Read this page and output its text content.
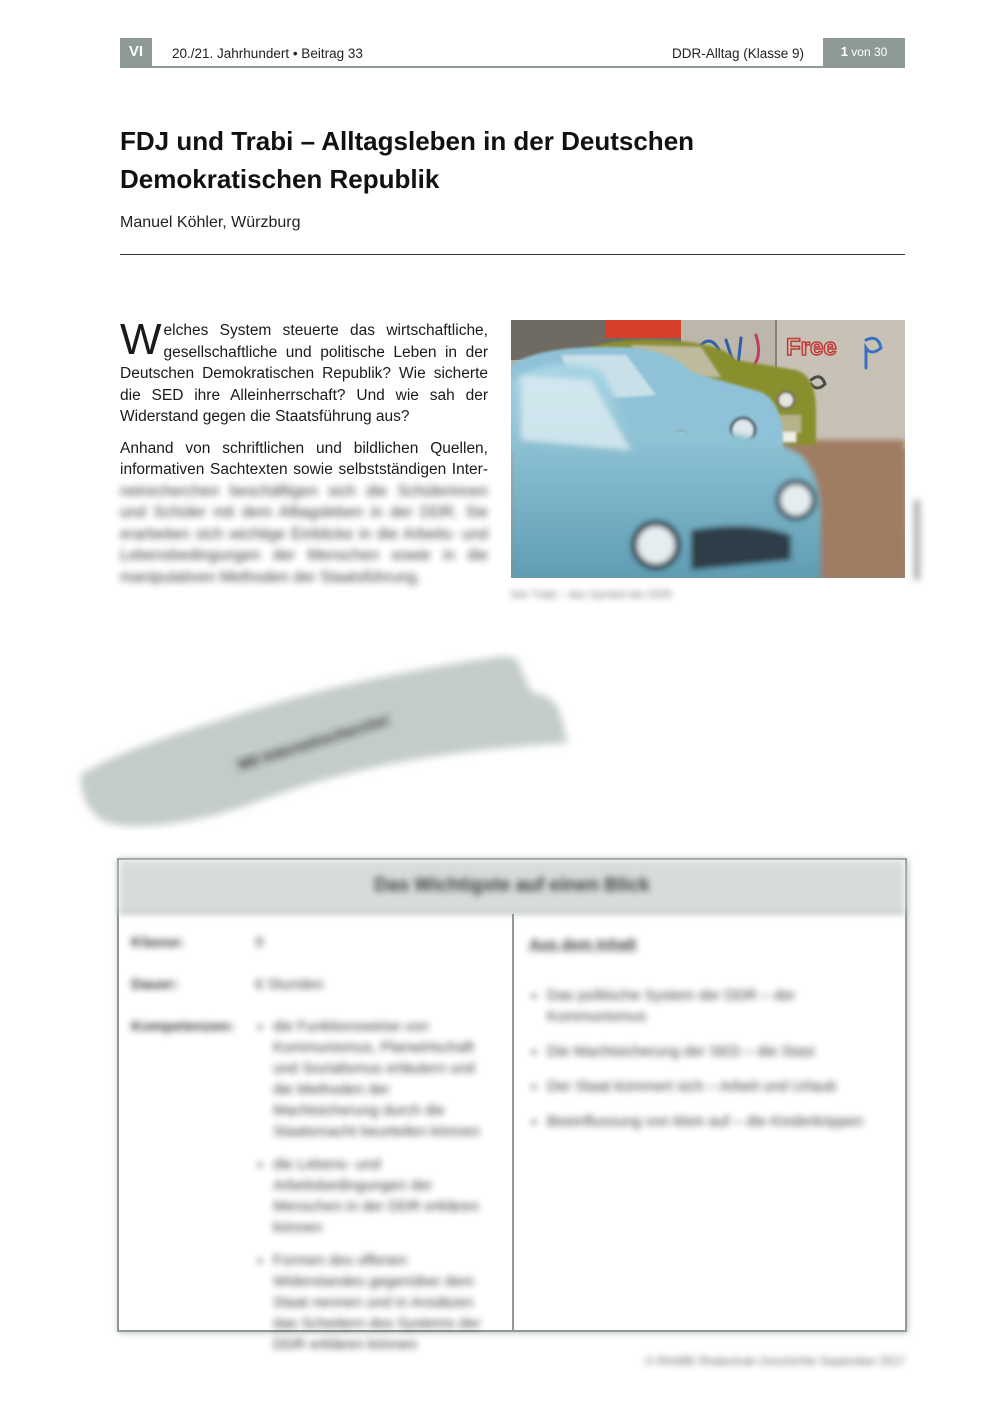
VI	20./21. Jahrhundert • Beitrag 33	DDR-Alltag (Klasse 9)	1 von 30
FDJ und Trabi – Alltagsleben in der Deutschen Demokratischen Republik
Manuel Köhler, Würzburg

Welches System steuerte das wirtschaftliche, gesellschaftliche und politische Leben in der Deutschen Demokratischen Republik? Wie sicherte die SED ihre Alleinherrschaft? Und wie sah der Widerstand gegen die Staatsführung aus?

Anhand von schriftlichen und bildlichen Quellen, informativen Sachtexten sowie selbstständigen Inter- netrecherchen beschäftigen sich die Schülerinnen und Schüler mit dem Alltagsleben in der DDR. Sie erarbeiten sich wichtige Einblicke in die Arbeits- und Lebensbedingungen der Menschen sowie in die manipulativen Methoden der Staatsführung.

Free
Der Trabi – das Symbol der DDR
Mit Internetrecherche!
Das Wichtigste auf einen Blick
Klasse:	9
Dauer:	6 Stunden
Kompetenzen:
•	die Funktionsweise von Kommunismus, Planwirtschaft und Sozialismus erläutern und die Methoden der Machtsicherung durch die Staatsmacht beurteilen können
• die Lebens- und Arbeitsbedingungen der Menschen in der DDR erklären können
• Formen des offenen Widerstandes gegenüber dem Staat nennen und in Ansätzen das Scheitern des Systems der DDR erklären können
Aus dem Inhalt
• Das politische System der DDR – der Kommunismus
• Die Machtsicherung der SED – die Stasi
• Der Staat kümmert sich – Arbeit und Urlaub
• Beeinflussung von klein auf – die Kinderkrippen
© RAABE Realschule Geschichte September 2017
